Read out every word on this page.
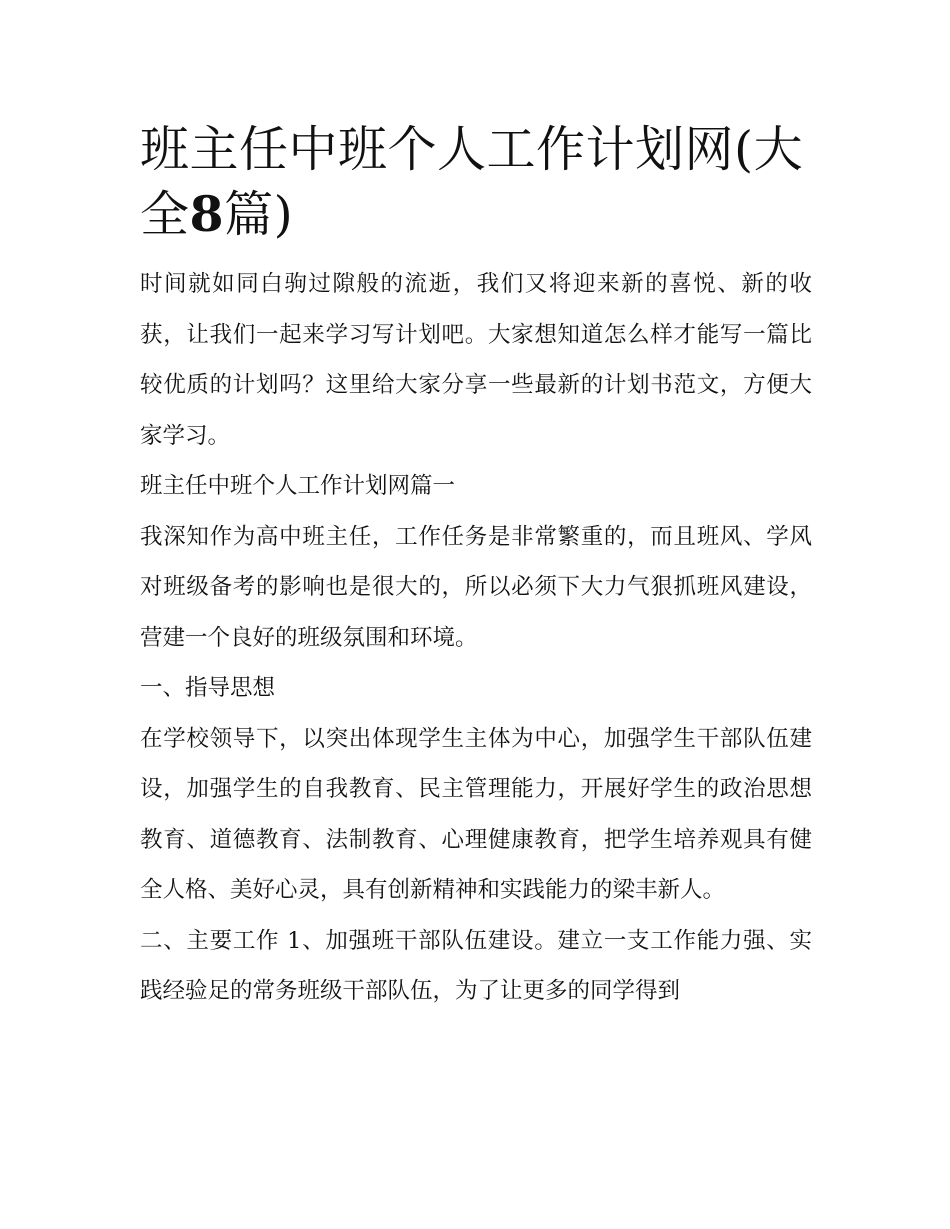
班主任中班个人工作计划网(大全8篇)

时间就如同白驹过隙般的流逝，我们又将迎来新的喜悦、新的收获，让我们一起来学习写计划吧。大家想知道怎么样才能写一篇比较优质的计划吗？这里给大家分享一些最新的计划书范文，方便大家学习。

班主任中班个人工作计划网篇一

我深知作为高中班主任，工作任务是非常繁重的，而且班风、学风对班级备考的影响也是很大的，所以必须下大力气狠抓班风建设，营建一个良好的班级氛围和环境。

一、指导思想

在学校领导下，以突出体现学生主体为中心，加强学生干部队伍建设，加强学生的自我教育、民主管理能力，开展好学生的政治思想教育、道德教育、法制教育、心理健康教育，把学生培养观具有健全人格、美好心灵，具有创新精神和实践能力的梁丰新人。

二、主要工作 1、加强班干部队伍建设。建立一支工作能力强、实践经验足的常务班级干部队伍，为了让更多的同学得到
